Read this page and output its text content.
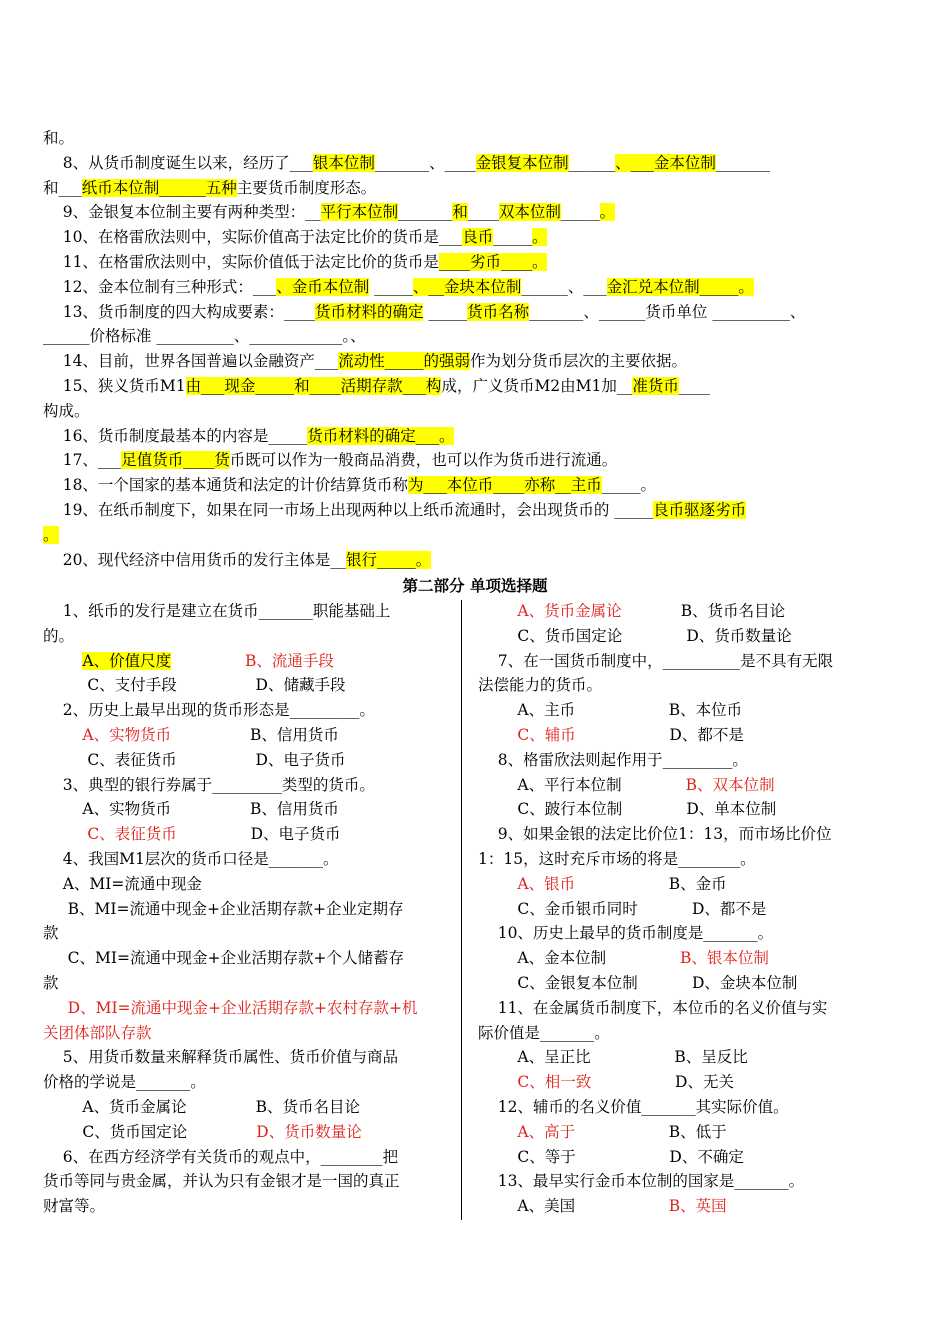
和。
8、从货币制度诞生以来，经历了___银本位制_______、____金银复本位制______、___金本位制_______
和___纸币本位制______五种主要货币制度形态。
9、金银复本位制主要有两种类型：__平行本位制_______和____双本位制_____。
10、在格雷欣法则中，实际价值高于法定比价的货币是___良币_____。
11、在格雷欣法则中，实际价值低于法定比价的货币是____劣币____。
12、金本位制有三种形式：___、金币本位制 _____、__金块本位制______、___金汇兑本位制_____。
13、货币制度的四大构成要素：____货币材料的确定 _____货币名称_______、______货币单位 __________、
______价格标准 __________、____________。、
14、目前，世界各国普遍以金融资产___流动性_____的强弱作为划分货币层次的主要依据。
15、狭义货币M1由___现金_____和____活期存款___构成，广义货币M2由M1加__准货币____
构成。
16、货币制度最基本的内容是_____货币材料的确定___。
17、___足值货币____货币既可以作为一般商品消费，也可以作为货币进行流通。
18、一个国家的基本通货和法定的计价结算货币称为___本位币____亦称__主币_____。
19、在纸币制度下，如果在同一市场上出现两种以上纸币流通时，会出现货币的 _____良币驱逐劣币
。
20、现代经济中信用货币的发行主体是__银行_____。
第二部分 单项选择题
1、纸币的发行是建立在货币_______职能基础上
的。
A、价值尺度	B、流通手段
C、支付手段                D、储藏手段
2、历史上最早出现的货币形态是_________。
A、实物货币                B、信用货币
C、表征货币                D、电子货币
3、典型的银行券属于_________类型的货币。
A、实物货币                B、信用货币
C、表征货币               D、电子货币
4、我国M1层次的货币口径是_______。
A、MI=流通中现金
B、MI=流通中现金+企业活期存款+企业定期存
款
C、MI=流通中现金+企业活期存款+个人储蓄存
款
D、MI=流通中现金+企业活期存款+农村存款+机
关团体部队存款
5、用货币数量来解释货币属性、货币价值与商品
价格的学说是_______。
A、货币金属论              B、货币名目论
C、货币国定论              D、货币数量论
6、在西方经济学有关货币的观点中，________把
货币等同与贵金属，并认为只有金银才是一国的真正
财富等。
A、货币金属论            B、货币名目论
C、货币国定论             D、货币数量论
7、在一国货币制度中，__________是不具有无限
法偿能力的货币。
A、主币                   B、本位币
C、辅币                   D、都不是
8、格雷欣法则起作用于_________。
A、平行本位制             B、双本位制
C、跛行本位制             D、单本位制
9、如果金银的法定比价位1：13，而市场比价位
1：15，这时充斥市场的将是________。
A、银币                   B、金币
C、金币银币同时           D、都不是
10、历史上最早的货币制度是_______。
A、金本位制               B、银本位制
C、金银复本位制           D、金块本位制
11、在金属货币制度下，本位币的名义价值与实
际价值是_______。
A、呈正比                 B、呈反比
C、相一致                 D、无关
12、辅币的名义价值_______其实际价值。
A、高于                   B、低于
C、等于                   D、不确定
13、最早实行金币本位制的国家是_______。
A、美国                   B、英国
